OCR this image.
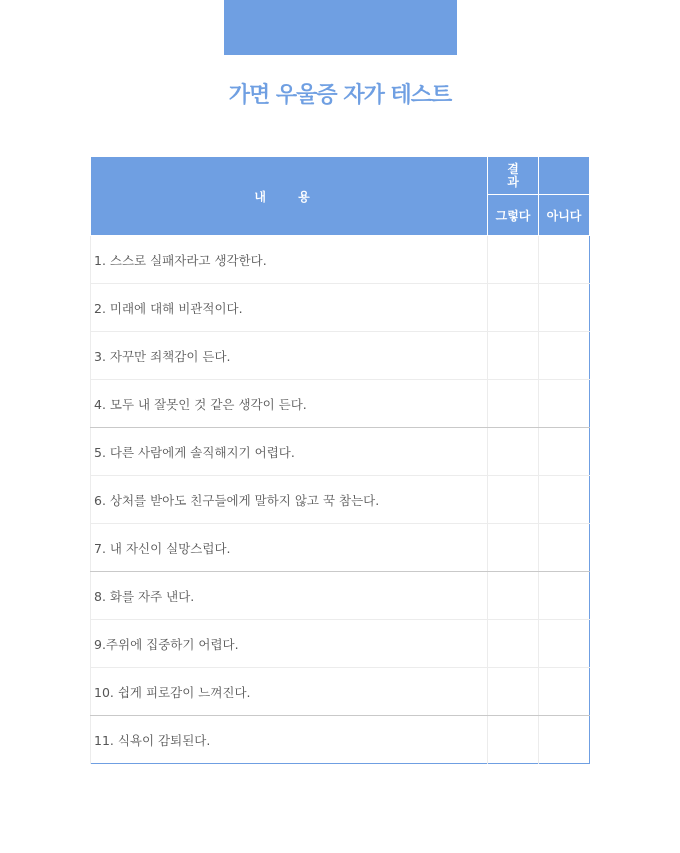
가면 우울증 자가 테스트
내 용	결
과	

	그렇다	아니다
1. 스스로 실패자라고 생각한다.		
2. 미래에 대해 비관적이다.		
3. 자꾸만 죄책감이 든다.		
4. 모두 내 잘못인 것 같은 생각이 든다.		
5. 다른 사람에게 솔직해지기 어렵다.		
6. 상처를 받아도 친구들에게 말하지 않고 꾹 참는다.		
7. 내 자신이 실망스럽다.		
8. 화를 자주 낸다.		
9.주위에 집중하기 어렵다.		
10. 쉽게 피로감이 느껴진다.		
11. 식욕이 감퇴된다.		
